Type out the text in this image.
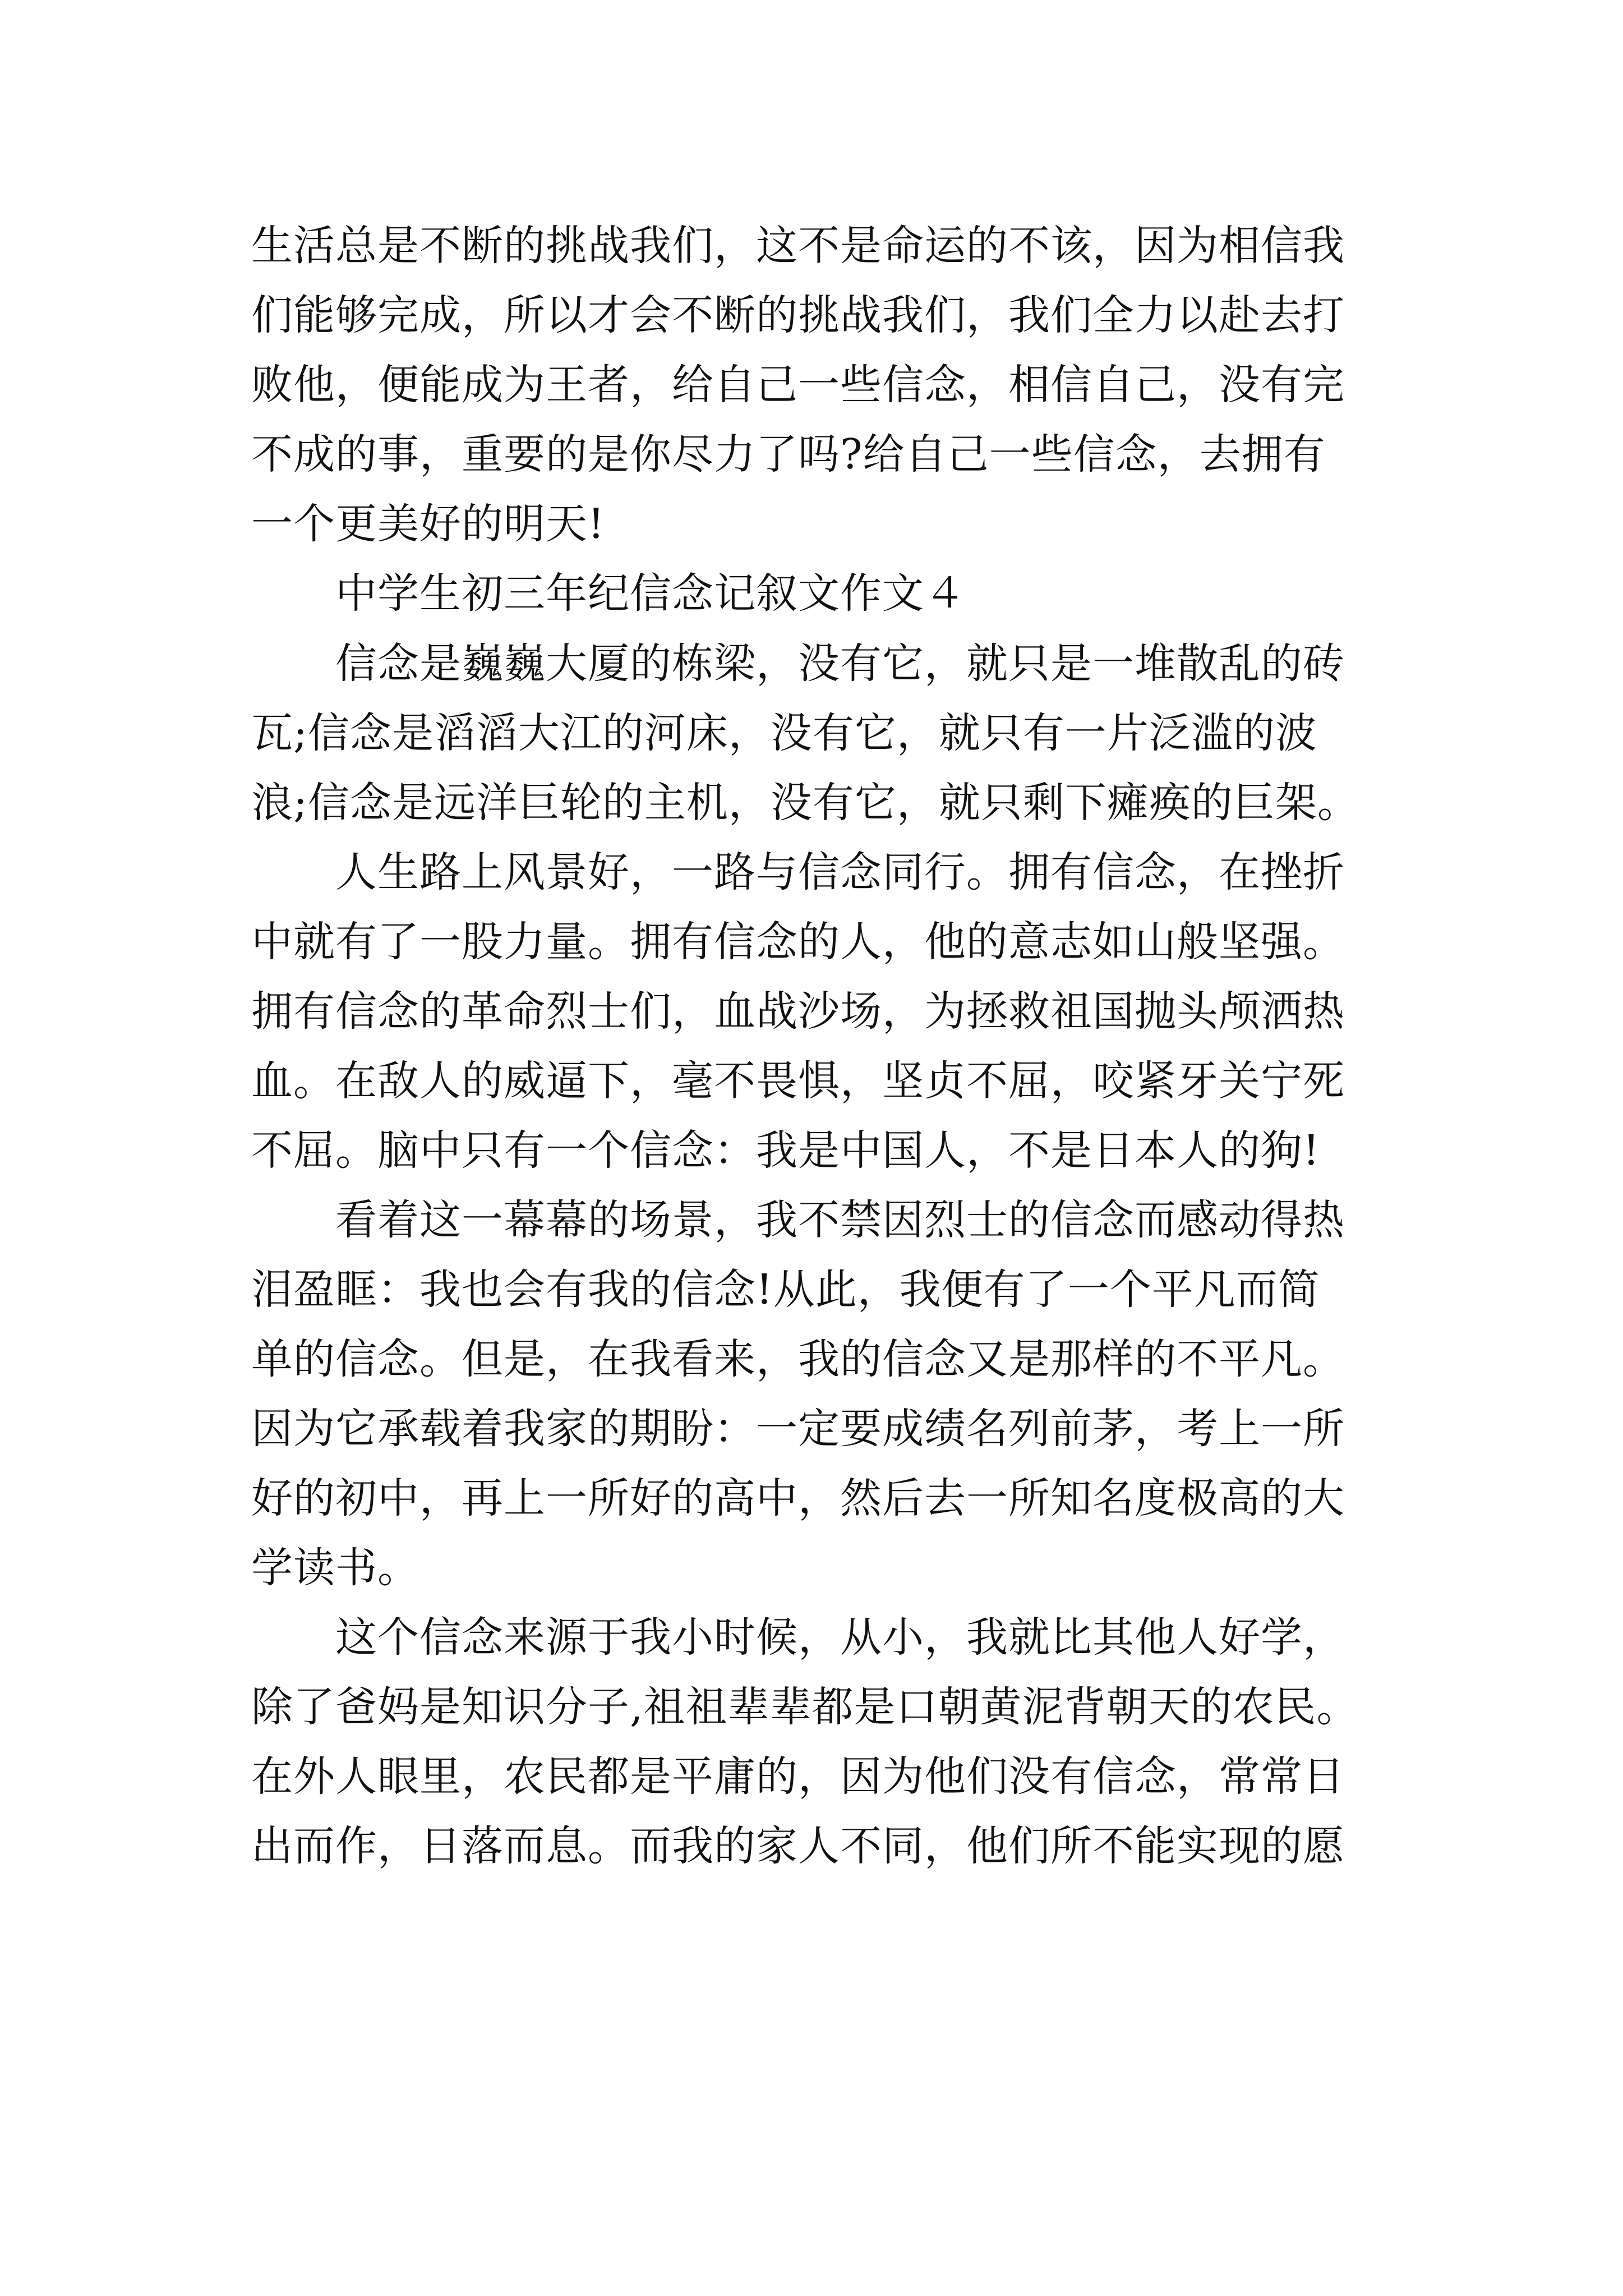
生活总是不断的挑战我们，这不是命运的不该，因为相信我

们能够完成，所以才会不断的挑战我们，我们全力以赴去打

败他，便能成为王者，给自己一些信念，相信自己，没有完

不成的事，重要的是你尽力了吗?给自己一些信念，去拥有

一个更美好的明天!

中学生初三年纪信念记叙文作文４

信念是巍巍大厦的栋梁，没有它，就只是一堆散乱的砖

瓦;信念是滔滔大江的河床，没有它，就只有一片泛滥的波

浪;信念是远洋巨轮的主机，没有它，就只剩下瘫痪的巨架。

人生路上风景好，一路与信念同行。拥有信念，在挫折

中就有了一股力量。拥有信念的人，他的意志如山般坚强。

拥有信念的革命烈士们，血战沙场，为拯救祖国抛头颅洒热

血。在敌人的威逼下，毫不畏惧，坚贞不屈，咬紧牙关宁死

不屈。脑中只有一个信念：我是中国人，不是日本人的狗!

看着这一幕幕的场景，我不禁因烈士的信念而感动得热

泪盈眶：我也会有我的信念!从此，我便有了一个平凡而简

单的信念。但是，在我看来，我的信念又是那样的不平凡。

因为它承载着我家的期盼：一定要成绩名列前茅，考上一所

好的初中，再上一所好的高中，然后去一所知名度极高的大

学读书。

这个信念来源于我小时候，从小，我就比其他人好学，

除了爸妈是知识分子,祖祖辈辈都是口朝黄泥背朝天的农民。

在外人眼里，农民都是平庸的，因为他们没有信念，常常日

出而作，日落而息。而我的家人不同，他们所不能实现的愿
